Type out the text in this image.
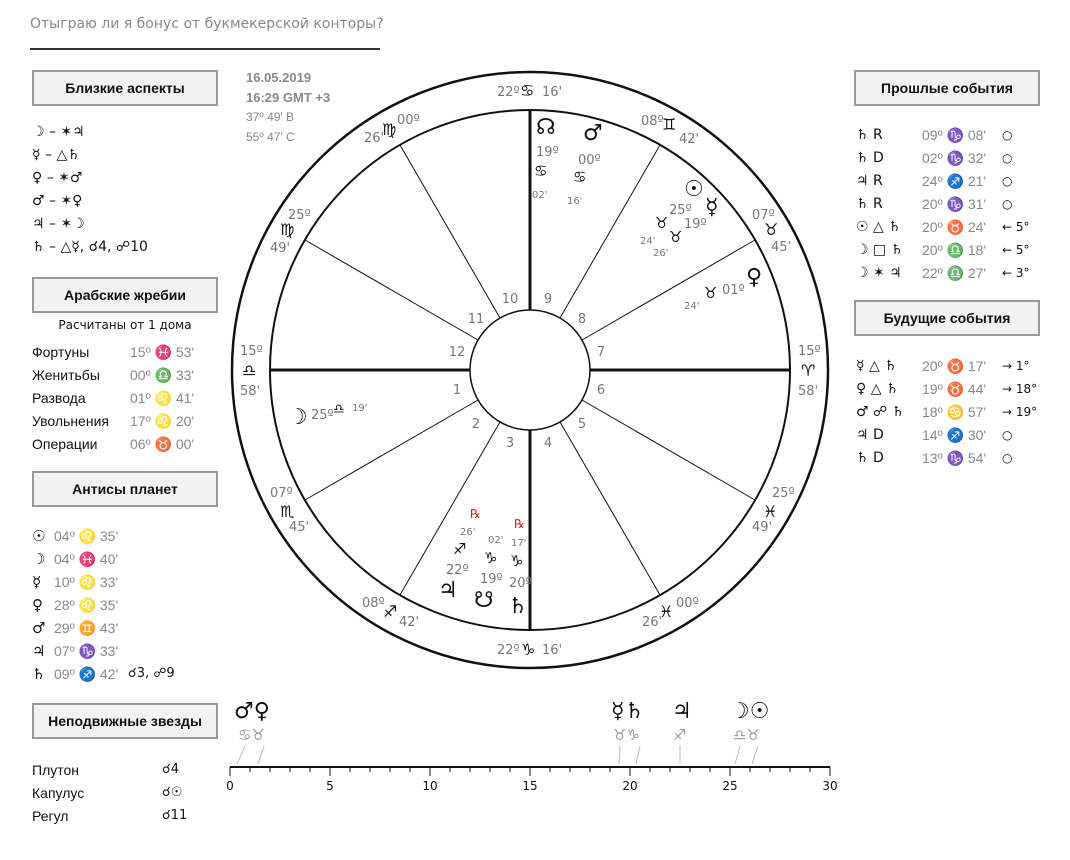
Отыграю ли я бонус от букмекерской конторы?
Близкие аспекты
☽ – ✶♃
☿ – △♄
♀ – ✶♂
♂ – ✶♀
♃ – ✶☽
♄ – △☿, ☌4, ☍10
Арабские жребии
Расчитаны от 1 дома
Фортуны	15º ♓ 53'
Женитьбы 00º ♎ 33'
Развода	01º ♌ 41'
Увольнения 17º ♌ 20'
Операции 06º ♉ 00'
Антисы планет
☉ 04º ♌ 35'
☽ 04º ♓ 40'
☿ 10º ♌ 33'
♀ 28º ♌ 35'
♂ 29º ♊ 43'
♃ 07º ♑ 33'
♄ 09º ♐ 42' ☌3, ☍9
Неподвижные звезды
Плутон	☌4
Капулус	☌☉
Регул	☌11
16.05.2019
16:29 GMT +3
37º 49' В
55º 47' С
Прошлые события
♄ R	09º ♑ 08' ○
♄ D	02º ♑ 32' ○
♃ R	24º ♐ 21' ○
♄ R	20º ♑ 31' ○
☉ △ ♄ 20º ♉ 24' ← 5°
☽ □ ♄ 20º ♎ 18' ← 5°
☽ ✶ ♃ 22º ♎ 27' ← 3°
Будущие события
☿ △ ♄ 20º ♉ 17' → 1°
♀ △ ♄ 19º ♉ 44' → 18°
♂ ☍ ♄ 18º ♋ 57' → 19°
♃ D	14º ♐ 30' ○
♄ D	13º ♑ 54' ○
1
2
3 4
5
6
7
8
9
10
11
12
15º
♎
58'
07º
♏
45'
08º
♐
42'
22º ♑ 16'
00º
♓
26'
25º
♓
49'
15º
♈
58'
07º
♉
45'
08º
♊
42'
22º ♋ 16'
00º
♍
26'
25º
♍
49'
☊
19º
♋
02'
♂
00º
♋
16'	☉
25º
♉
24'
☿
19º
♉
26'
♀
01º
♉
24'
☽ 25º ♎ 19'
♃
22º
♐
26'
℞
☋
19º
♑
02'
♄
20º
♑
17'
℞
0	5	10	15	20	25	30
♂♀
♋♉
☿♄
♉♑
♃
♐
☽☉
♎♉
